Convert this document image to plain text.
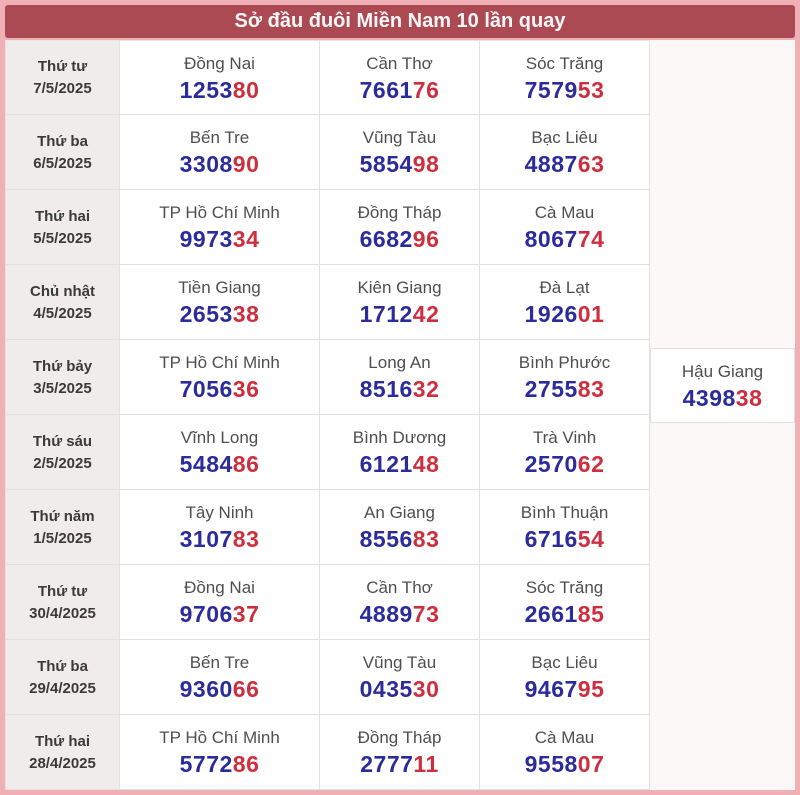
Sở đầu đuôi Miền Nam 10 lần quay
Thứ tư
7/5/2025
Đồng Nai
125380
Cần Thơ
766176
Sóc Trăng
757953
Thứ ba
6/5/2025
Bến Tre
330890
Vũng Tàu
585498
Bạc Liêu
488763
Thứ hai
5/5/2025
TP Hồ Chí Minh
997334
Đồng Tháp
668296
Cà Mau
806774
Chủ nhật
4/5/2025
Tiền Giang
265338
Kiên Giang
171242
Đà Lạt
192601
Thứ bảy
3/5/2025
TP Hồ Chí Minh
705636
Long An
851632
Bình Phước
275583
Hậu Giang
439838
Thứ sáu
2/5/2025
Vĩnh Long
548486
Bình Dương
612148
Trà Vinh
257062
Thứ năm
1/5/2025
Tây Ninh
310783
An Giang
855683
Bình Thuận
671654
Thứ tư
30/4/2025
Đồng Nai
970637
Cần Thơ
488973
Sóc Trăng
266185
Thứ ba
29/4/2025
Bến Tre
936066
Vũng Tàu
043530
Bạc Liêu
946795
Thứ hai
28/4/2025
TP Hồ Chí Minh
577286
Đồng Tháp
277711
Cà Mau
955807
